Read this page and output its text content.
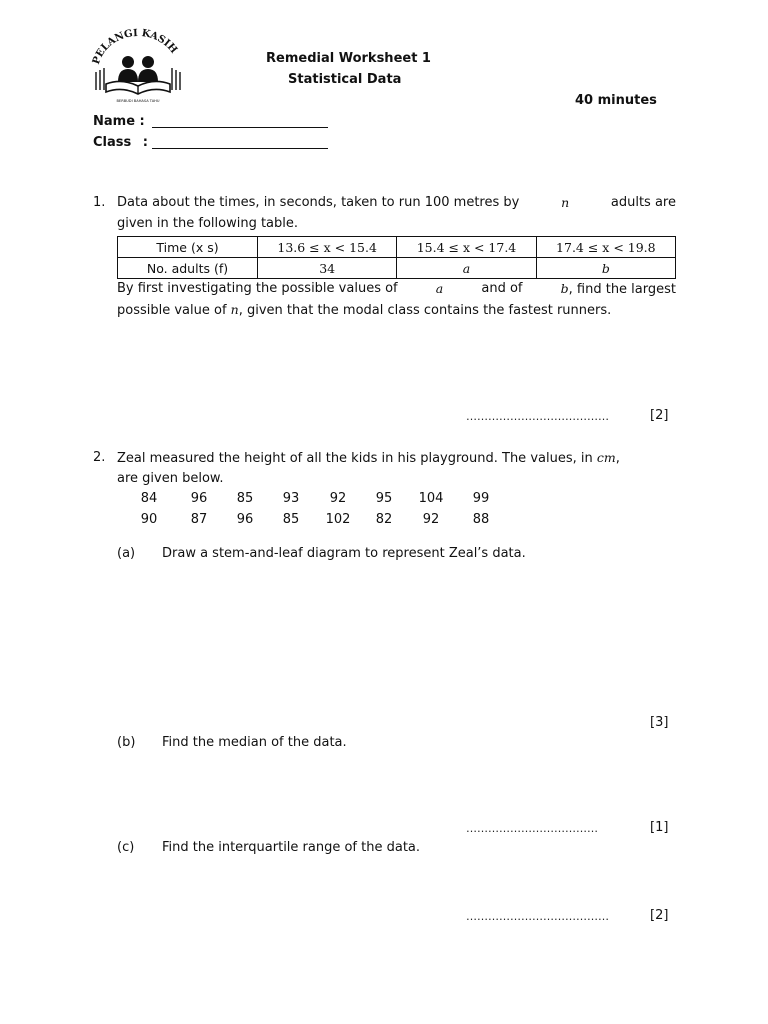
PELANGI KASIH
BERBUDI BAHASA TAHU
Remedial Worksheet 1
Statistical Data
40 minutes
Name :
Class :
1. Data about the times, in seconds, taken to run 100 metres by	n	adults are
given in the following table.
Time (x s)	13.6 ≤ x < 15.4	15.4 ≤ x < 17.4	17.4 ≤ x < 19.8
No. adults (f)	34	a	b
By first investigating the possible values of	a	and of	b, find the largest
possible value of n, given that the modal class contains the fastest runners.
…………………………………	[2]
2. Zeal measured the height of all the kids in his playground. The values, in cm,
are given below.
84	96	85	93	92	95	104	99
90	87	96	85	102	82	92	88
(a) Draw a stem-and-leaf diagram to represent Zeal’s data.
[3]
(b) Find the median of the data.
………………………………	[1]
(c) Find the interquartile range of the data.
…………………………………	[2]
